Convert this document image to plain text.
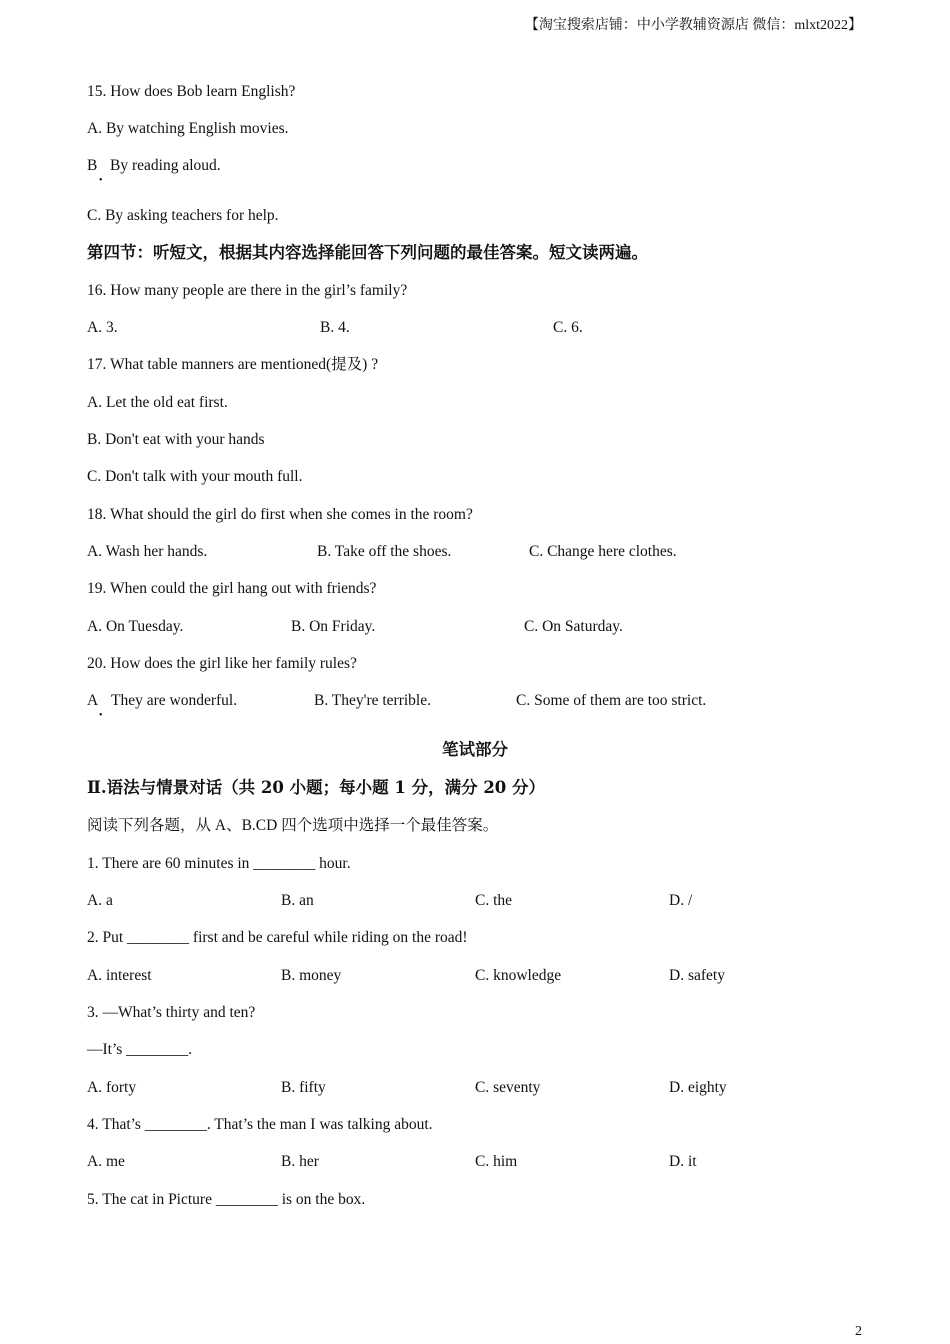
【淘宝搜索店铺：中小学教辅资源店 微信：mlxt2022】
15. How does Bob learn English?
A. By watching English movies.
B
•
By reading aloud.
C. By asking teachers for help.
第四节：听短文，根据其内容选择能回答下列问题的最佳答案。短文读两遍。
16. How many people are there in the girl’s family?
A. 3.	B. 4.	C. 6.
17. What table manners are mentioned(提及) ?
A. Let the old eat first.
B. Don't eat with your hands
C. Don't talk with your mouth full.
18. What should the girl do first when she comes in the room?
A. Wash her hands.	B. Take off the shoes.	C. Change here clothes.
19. When could the girl hang out with friends?
A. On Tuesday.	B. On Friday.	C. On Saturday.
20. How does the girl like her family rules?
A
•
They are wonderful.	B. They're terrible.	C. Some of them are too strict.
笔试部分
Ⅱ.语法与情景对话（共 20 小题；每小题 1 分，满分 20 分）
阅读下列各题，从 A、B.CD 四个选项中选择一个最佳答案。
1. There are 60 minutes in ________ hour.
A. a	B. an	C. the	D. /
2. Put ________ first and be careful while riding on the road!
A. interest	B. money	C. knowledge	D. safety
3. —What’s thirty and ten?
—It’s ________.
A. forty	B. fifty	C. seventy	D. eighty
4. That’s ________. That’s the man I was talking about.
A. me	B. her	C. him	D. it
5. The cat in Picture ________ is on the box.
2
